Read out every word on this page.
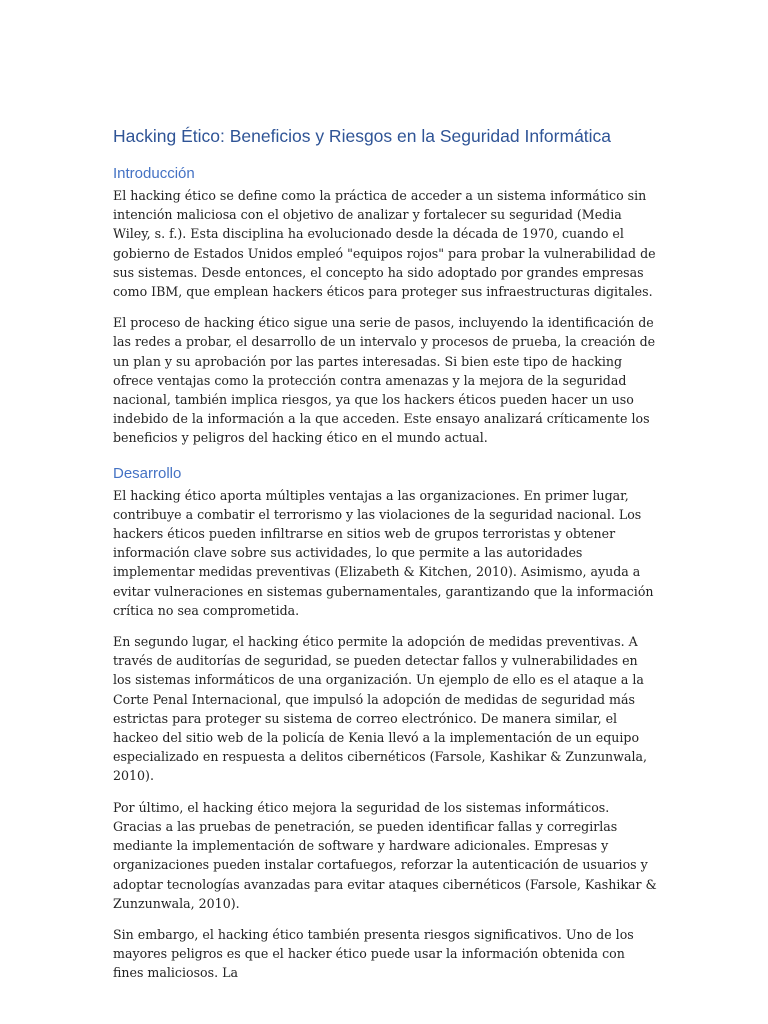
Hacking Ético: Beneficios y Riesgos en la Seguridad Informática
Introducción

El hacking ético se define como la práctica de acceder a un sistema informático sin intención maliciosa con el objetivo de analizar y fortalecer su seguridad (Media Wiley, s. f.). Esta disciplina ha evolucionado desde la década de 1970, cuando el gobierno de Estados Unidos empleó "equipos rojos" para probar la vulnerabilidad de sus sistemas. Desde entonces, el concepto ha sido adoptado por grandes empresas como IBM, que emplean hackers éticos para proteger sus infraestructuras digitales.

El proceso de hacking ético sigue una serie de pasos, incluyendo la identificación de las redes a probar, el desarrollo de un intervalo y procesos de prueba, la creación de un plan y su aprobación por las partes interesadas. Si bien este tipo de hacking ofrece ventajas como la protección contra amenazas y la mejora de la seguridad nacional, también implica riesgos, ya que los hackers éticos pueden hacer un uso indebido de la información a la que acceden. Este ensayo analizará críticamente los beneficios y peligros del hacking ético en el mundo actual.

Desarrollo

El hacking ético aporta múltiples ventajas a las organizaciones. En primer lugar, contribuye a combatir el terrorismo y las violaciones de la seguridad nacional. Los hackers éticos pueden infiltrarse en sitios web de grupos terroristas y obtener información clave sobre sus actividades, lo que permite a las autoridades implementar medidas preventivas (Elizabeth & Kitchen, 2010). Asimismo, ayuda a evitar vulneraciones en sistemas gubernamentales, garantizando que la información crítica no sea comprometida.

En segundo lugar, el hacking ético permite la adopción de medidas preventivas. A través de auditorías de seguridad, se pueden detectar fallos y vulnerabilidades en los sistemas informáticos de una organización. Un ejemplo de ello es el ataque a la Corte Penal Internacional, que impulsó la adopción de medidas de seguridad más estrictas para proteger su sistema de correo electrónico. De manera similar, el hackeo del sitio web de la policía de Kenia llevó a la implementación de un equipo especializado en respuesta a delitos cibernéticos (Farsole, Kashikar & Zunzunwala, 2010).

Por último, el hacking ético mejora la seguridad de los sistemas informáticos. Gracias a las pruebas de penetración, se pueden identificar fallas y corregirlas mediante la implementación de software y hardware adicionales. Empresas y organizaciones pueden instalar cortafuegos, reforzar la autenticación de usuarios y adoptar tecnologías avanzadas para evitar ataques cibernéticos (Farsole, Kashikar & Zunzunwala, 2010).

Sin embargo, el hacking ético también presenta riesgos significativos. Uno de los mayores peligros es que el hacker ético puede usar la información obtenida con fines maliciosos. La
